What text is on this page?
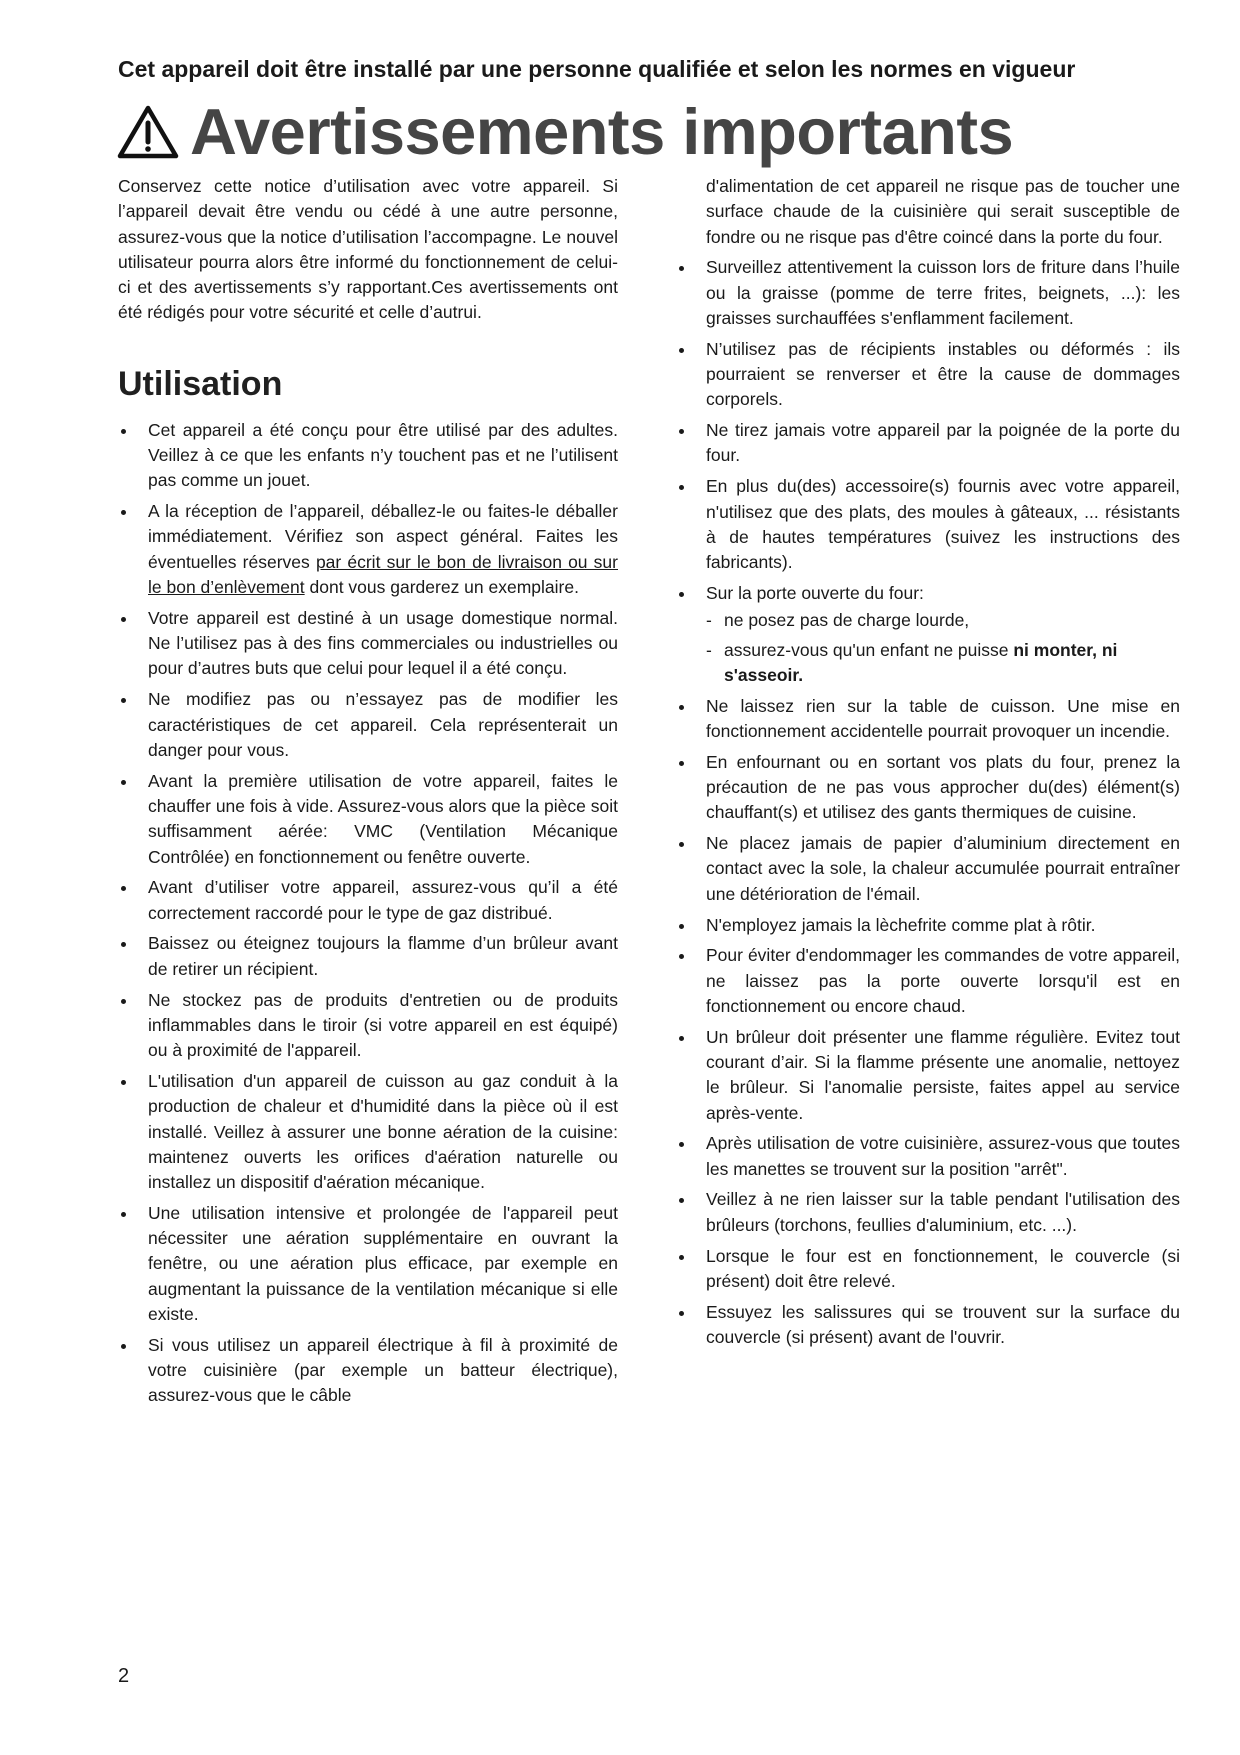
Cet appareil doit être installé par une personne qualifiée et selon les normes en vigueur
Avertissements importants

Conservez cette notice d’utilisation avec votre appareil. Si l’appareil devait être vendu ou cédé à une autre personne, assurez-vous que la notice d’utilisation l’accompagne. Le nouvel utilisateur pourra alors être informé du fonctionnement de celui-ci et des avertissements s’y rapportant.Ces avertissements ont été rédigés pour votre sécurité et celle d’autrui.

Utilisation
Cet appareil a été conçu pour être utilisé par des adultes. Veillez à ce que les enfants n’y touchent pas et ne l’utilisent pas comme un jouet.
A la réception de l’appareil, déballez-le ou faites-le déballer immédiatement. Vérifiez son aspect général. Faites les éventuelles réserves par écrit sur le bon de livraison ou sur le bon d’enlèvement dont vous garderez un exemplaire.
Votre appareil est destiné à un usage domestique normal. Ne l’utilisez pas à des fins commerciales ou industrielles ou pour d’autres buts que celui pour lequel il a été conçu.
Ne modifiez pas ou n’essayez pas de modifier les caractéristiques de cet appareil. Cela représenterait un danger pour vous.
Avant la première utilisation de votre appareil, faites le chauffer une fois à vide. Assurez-vous alors que la pièce soit suffisamment aérée: VMC (Ventilation Mécanique Contrôlée) en fonctionnement ou fenêtre ouverte.
Avant d’utiliser votre appareil, assurez-vous qu’il a été correctement raccordé pour le type de gaz distribué.
Baissez ou éteignez toujours la flamme d’un brûleur avant de retirer un récipient.
Ne stockez pas de produits d'entretien ou de produits inflammables dans le tiroir (si votre appareil en est équipé) ou à proximité de l'appareil.
L'utilisation d'un appareil de cuisson au gaz conduit à la production de chaleur et d'humidité dans la pièce où il est installé. Veillez à assurer une bonne aération de la cuisine: maintenez ouverts les orifices d'aération naturelle ou installez un dispositif d'aération mécanique.
Une utilisation intensive et prolongée de l'appareil peut nécessiter une aération supplémentaire en ouvrant la fenêtre, ou une aération plus efficace, par exemple en augmentant la puissance de la ventilation mécanique si elle existe.
Si vous utilisez un appareil électrique à fil à proximité de votre cuisinière (par exemple un batteur électrique), assurez-vous que le câble
d'alimentation de cet appareil ne risque pas de toucher une surface chaude de la cuisinière qui serait susceptible de fondre ou ne risque pas d'être coincé dans la porte du four.
Surveillez attentivement la cuisson lors de friture dans l’huile ou la graisse (pomme de terre frites, beignets, ...): les graisses surchauffées s'enflamment facilement.
N’utilisez pas de récipients instables ou déformés : ils pourraient se renverser et être la cause de dommages corporels.
Ne tirez jamais votre appareil par la poignée de la porte du four.
En plus du(des) accessoire(s) fournis avec votre appareil, n'utilisez que des plats, des moules à gâteaux, ... résistants à de hautes températures (suivez les instructions des fabricants).
Sur la porte ouverte du four:
- ne posez pas de charge lourde,
- assurez-vous qu'un enfant ne puisse ni monter, ni s'asseoir.
Ne laissez rien sur la table de cuisson. Une mise en fonctionnement accidentelle pourrait provoquer un incendie.
En enfournant ou en sortant vos plats du four, prenez la précaution de ne pas vous approcher du(des) élément(s) chauffant(s) et utilisez des gants thermiques de cuisine.
Ne placez jamais de papier d’aluminium directement en contact avec la sole, la chaleur accumulée pourrait entraîner une détérioration de l'émail.
N'employez jamais la lèchefrite comme plat à rôtir.
Pour éviter d'endommager les commandes de votre appareil, ne laissez pas la porte ouverte lorsqu'il est en fonctionnement ou encore chaud.
Un brûleur doit présenter une flamme régulière. Evitez tout courant d’air. Si la flamme présente une anomalie, nettoyez le brûleur. Si l'anomalie persiste, faites appel au service après-vente.
Après utilisation de votre cuisinière, assurez-vous que toutes les manettes se trouvent sur la position "arrêt".
Veillez à ne rien laisser sur la table pendant l'utilisation des brûleurs (torchons, feullies d'aluminium, etc. ...).
Lorsque le four est en fonctionnement, le couvercle (si présent) doit être relevé.
Essuyez les salissures qui se trouvent sur la surface du couvercle (si présent) avant de l'ouvrir.
2
